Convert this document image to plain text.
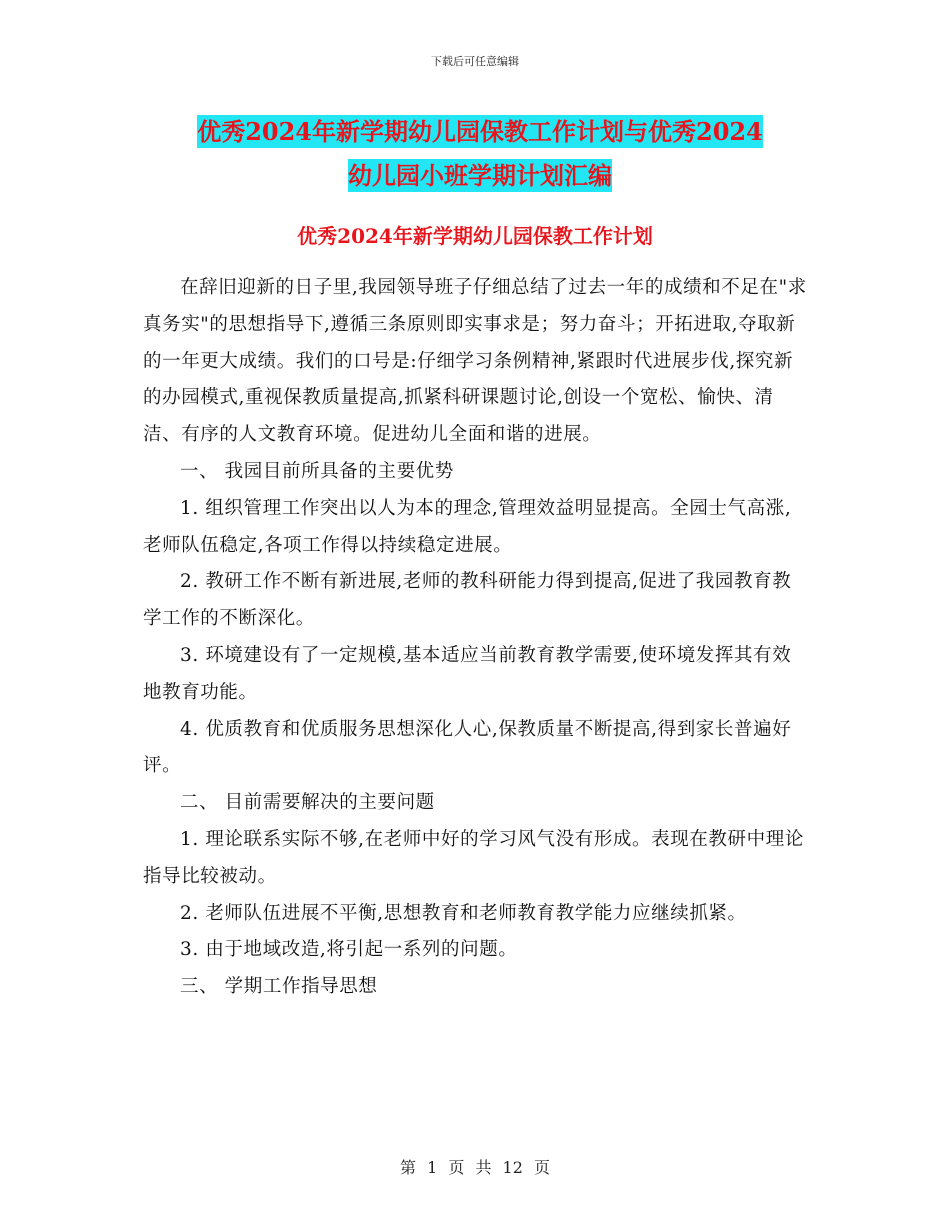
下载后可任意编辑
优秀2024年新学期幼儿园保教工作计划与优秀2024
幼儿园小班学期计划汇编
优秀2024年新学期幼儿园保教工作计划

在辞旧迎新的日子里,我园领导班子仔细总结了过去一年的成绩和不足在"求真务实"的思想指导下,遵循三条原则即实事求是；努力奋斗；开拓进取,夺取新的一年更大成绩。我们的口号是:仔细学习条例精神,紧跟时代进展步伐,探究新的办园模式,重视保教质量提高,抓紧科研课题讨论,创设一个宽松、愉快、清洁、有序的人文教育环境。促进幼儿全面和谐的进展。

一、 我园目前所具备的主要优势

1. 组织管理工作突出以人为本的理念,管理效益明显提高。全园士气高涨,老师队伍稳定,各项工作得以持续稳定进展。

2. 教研工作不断有新进展,老师的教科研能力得到提高,促进了我园教育教学工作的不断深化。

3. 环境建设有了一定规模,基本适应当前教育教学需要,使环境发挥其有效地教育功能。

4. 优质教育和优质服务思想深化人心,保教质量不断提高,得到家长普遍好评。

二、 目前需要解决的主要问题

1. 理论联系实际不够,在老师中好的学习风气没有形成。表现在教研中理论指导比较被动。

2. 老师队伍进展不平衡,思想教育和老师教育教学能力应继续抓紧。

3. 由于地域改造,将引起一系列的问题。

三、 学期工作指导思想

第 1 页 共 12 页
